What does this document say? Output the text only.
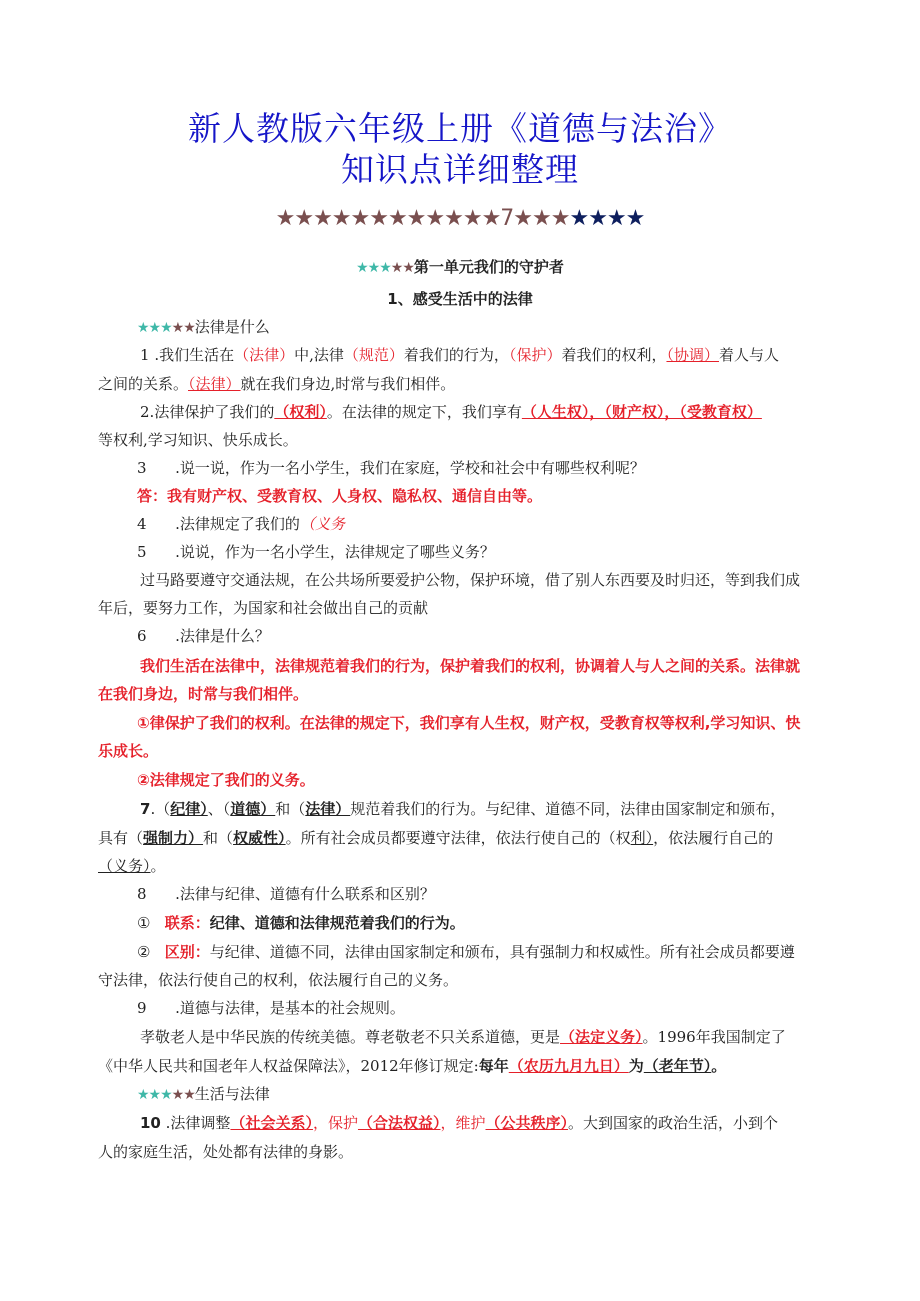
新人教版六年级上册《道德与法治》
知识点详细整理
★★★★★★★★★★★★7★★★★★★★
★★★★★第一单元我们的守护者
1、感受生活中的法律
★★★★★法律是什么
1 .我们生活在（法律）中,法律（规范）着我们的行为，（保护）着我们的权利，（协调）着人与人
之间的关系。（法律）就在我们身边,时常与我们相伴。
2.法律保护了我们的（权利）。在法律的规定下，我们享有（人生权），（财产权），（受教育权）
等权利,学习知识、快乐成长。
3 .说一说，作为一名小学生，我们在家庭，学校和社会中有哪些权利呢？
答：我有财产权、受教育权、人身权、隐私权、通信自由等。
4 .法律规定了我们的（义务
5 .说说，作为一名小学生，法律规定了哪些义务？
过马路要遵守交通法规，在公共场所要爱护公物，保护环境，借了别人东西要及时归还，等到我们成
年后，要努力工作，为国家和社会做出自己的贡献
6 .法律是什么？
我们生活在法律中，法律规范着我们的行为，保护着我们的权利，协调着人与人之间的关系。法律就
在我们身边，时常与我们相伴。
①律保护了我们的权利。在法律的规定下，我们享有人生权，财产权，受教育权等权利,学习知识、快
乐成长。
②法律规定了我们的义务。
7.（纪律）、（道德）和（法律）规范着我们的行为。与纪律、道德不同，法律由国家制定和颁布，
具有（强制力）和（权威性）。所有社会成员都要遵守法律，依法行使自己的（权利），依法履行自己的
（义务）。
8 .法律与纪律、道德有什么联系和区别？
① 联系：纪律、道德和法律规范着我们的行为。
② 区别：与纪律、道德不同，法律由国家制定和颁布，具有强制力和权威性。所有社会成员都要遵
守法律，依法行使自己的权利，依法履行自己的义务。
9 .道德与法律，是基本的社会规则。
孝敬老人是中华民族的传统美德。尊老敬老不只关系道德，更是（法定义务）。1996年我国制定了
《中华人民共和国老年人权益保障法》，2012年修订规定:每年（农历九月九日）为（老年节）。
★★★★★生活与法律
10 .法律调整（社会关系），保护（合法权益），维护（公共秩序）。大到国家的政治生活，小到个
人的家庭生活，处处都有法律的身影。
